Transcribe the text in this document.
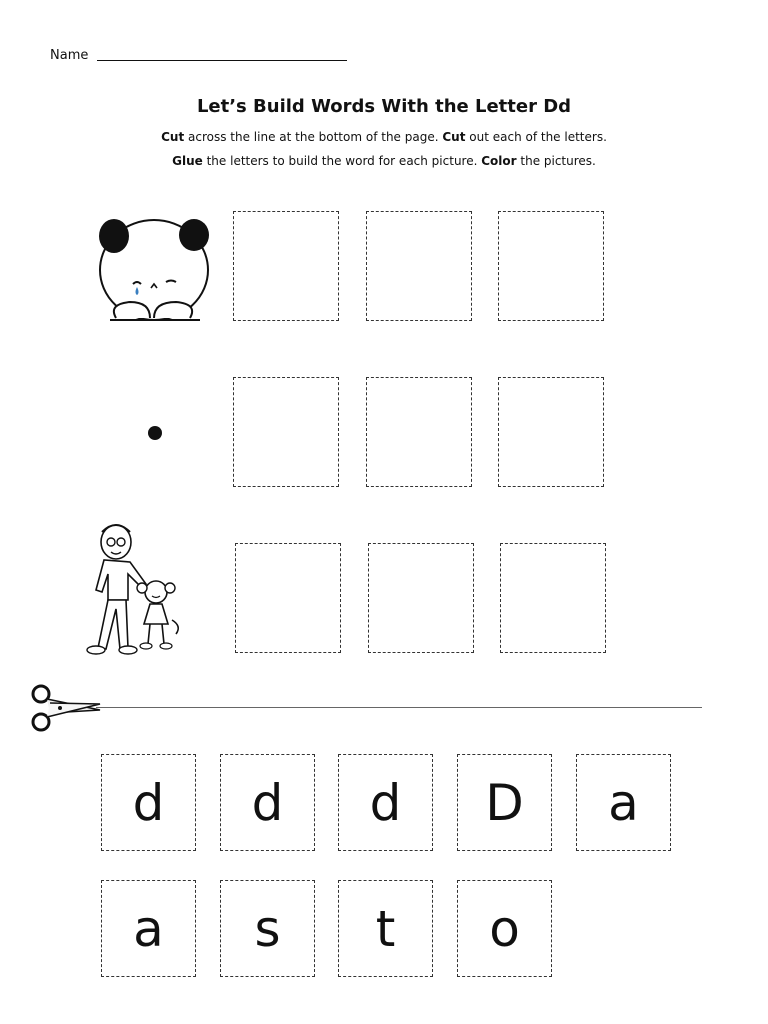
Name
Let’s Build Words With the Letter Dd
Cut across the line at the bottom of the page. Cut out each of the letters.
Glue the letters to build the word for each picture. Color the pictures.
d	d	d	D	a
a	s	t	o
